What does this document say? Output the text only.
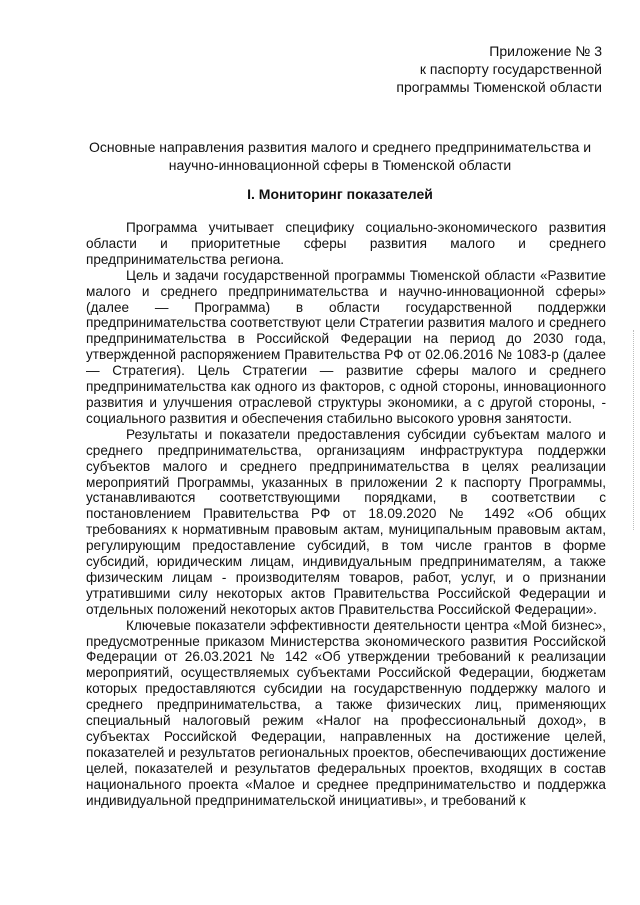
Приложение № 3
к паспорту государственной
программы Тюменской области
Основные направления развития малого и среднего предпринимательства и
научно-инновационной сферы в Тюменской области
I. Мониторинг показателей

Программа учитывает специфику социально-экономического развития области и приоритетные сферы развития малого и среднего предпринимательства региона.

Цель и задачи государственной программы Тюменской области «Развитие малого и среднего предпринимательства и научно-инновационной сферы» (далее — Программа) в области государственной поддержки предпринимательства соответствуют цели Стратегии развития малого и среднего предпринимательства в Российской Федерации на период до 2030 года, утвержденной распоряжением Правительства РФ от 02.06.2016 № 1083-р (далее — Стратегия). Цель Стратегии — развитие сферы малого и среднего предпринимательства как одного из факторов, с одной стороны, инновационного развития и улучшения отраслевой структуры экономики, а с другой стороны, - социального развития и обеспечения стабильно высокого уровня занятости.

Результаты и показатели предоставления субсидии субъектам малого и среднего предпринимательства, организациям инфраструктура поддержки субъектов малого и среднего предпринимательства в целях реализации мероприятий Программы, указанных в приложении 2 к паспорту Программы, устанавливаются соответствующими порядками, в соответствии с постановлением Правительства РФ от 18.09.2020 № 1492 «Об общих требованиях к нормативным правовым актам, муниципальным правовым актам, регулирующим предоставление субсидий, в том числе грантов в форме субсидий, юридическим лицам, индивидуальным предпринимателям, а также физическим лицам - производителям товаров, работ, услуг, и о признании утратившими силу некоторых актов Правительства Российской Федерации и отдельных положений некоторых актов Правительства Российской Федерации».

Ключевые показатели эффективности деятельности центра «Мой бизнес», предусмотренные приказом Министерства экономического развития Российской Федерации от 26.03.2021 № 142 «Об утверждении требований к реализации мероприятий, осуществляемых субъектами Российской Федерации, бюджетам которых предоставляются субсидии на государственную поддержку малого и среднего предпринимательства, а также физических лиц, применяющих специальный налоговый режим «Налог на профессиональный доход», в субъектах Российской Федерации, направленных на достижение целей, показателей и результатов региональных проектов, обеспечивающих достижение целей, показателей и результатов федеральных проектов, входящих в состав национального проекта «Малое и среднее предпринимательство и поддержка индивидуальной предпринимательской инициативы», и требований к
